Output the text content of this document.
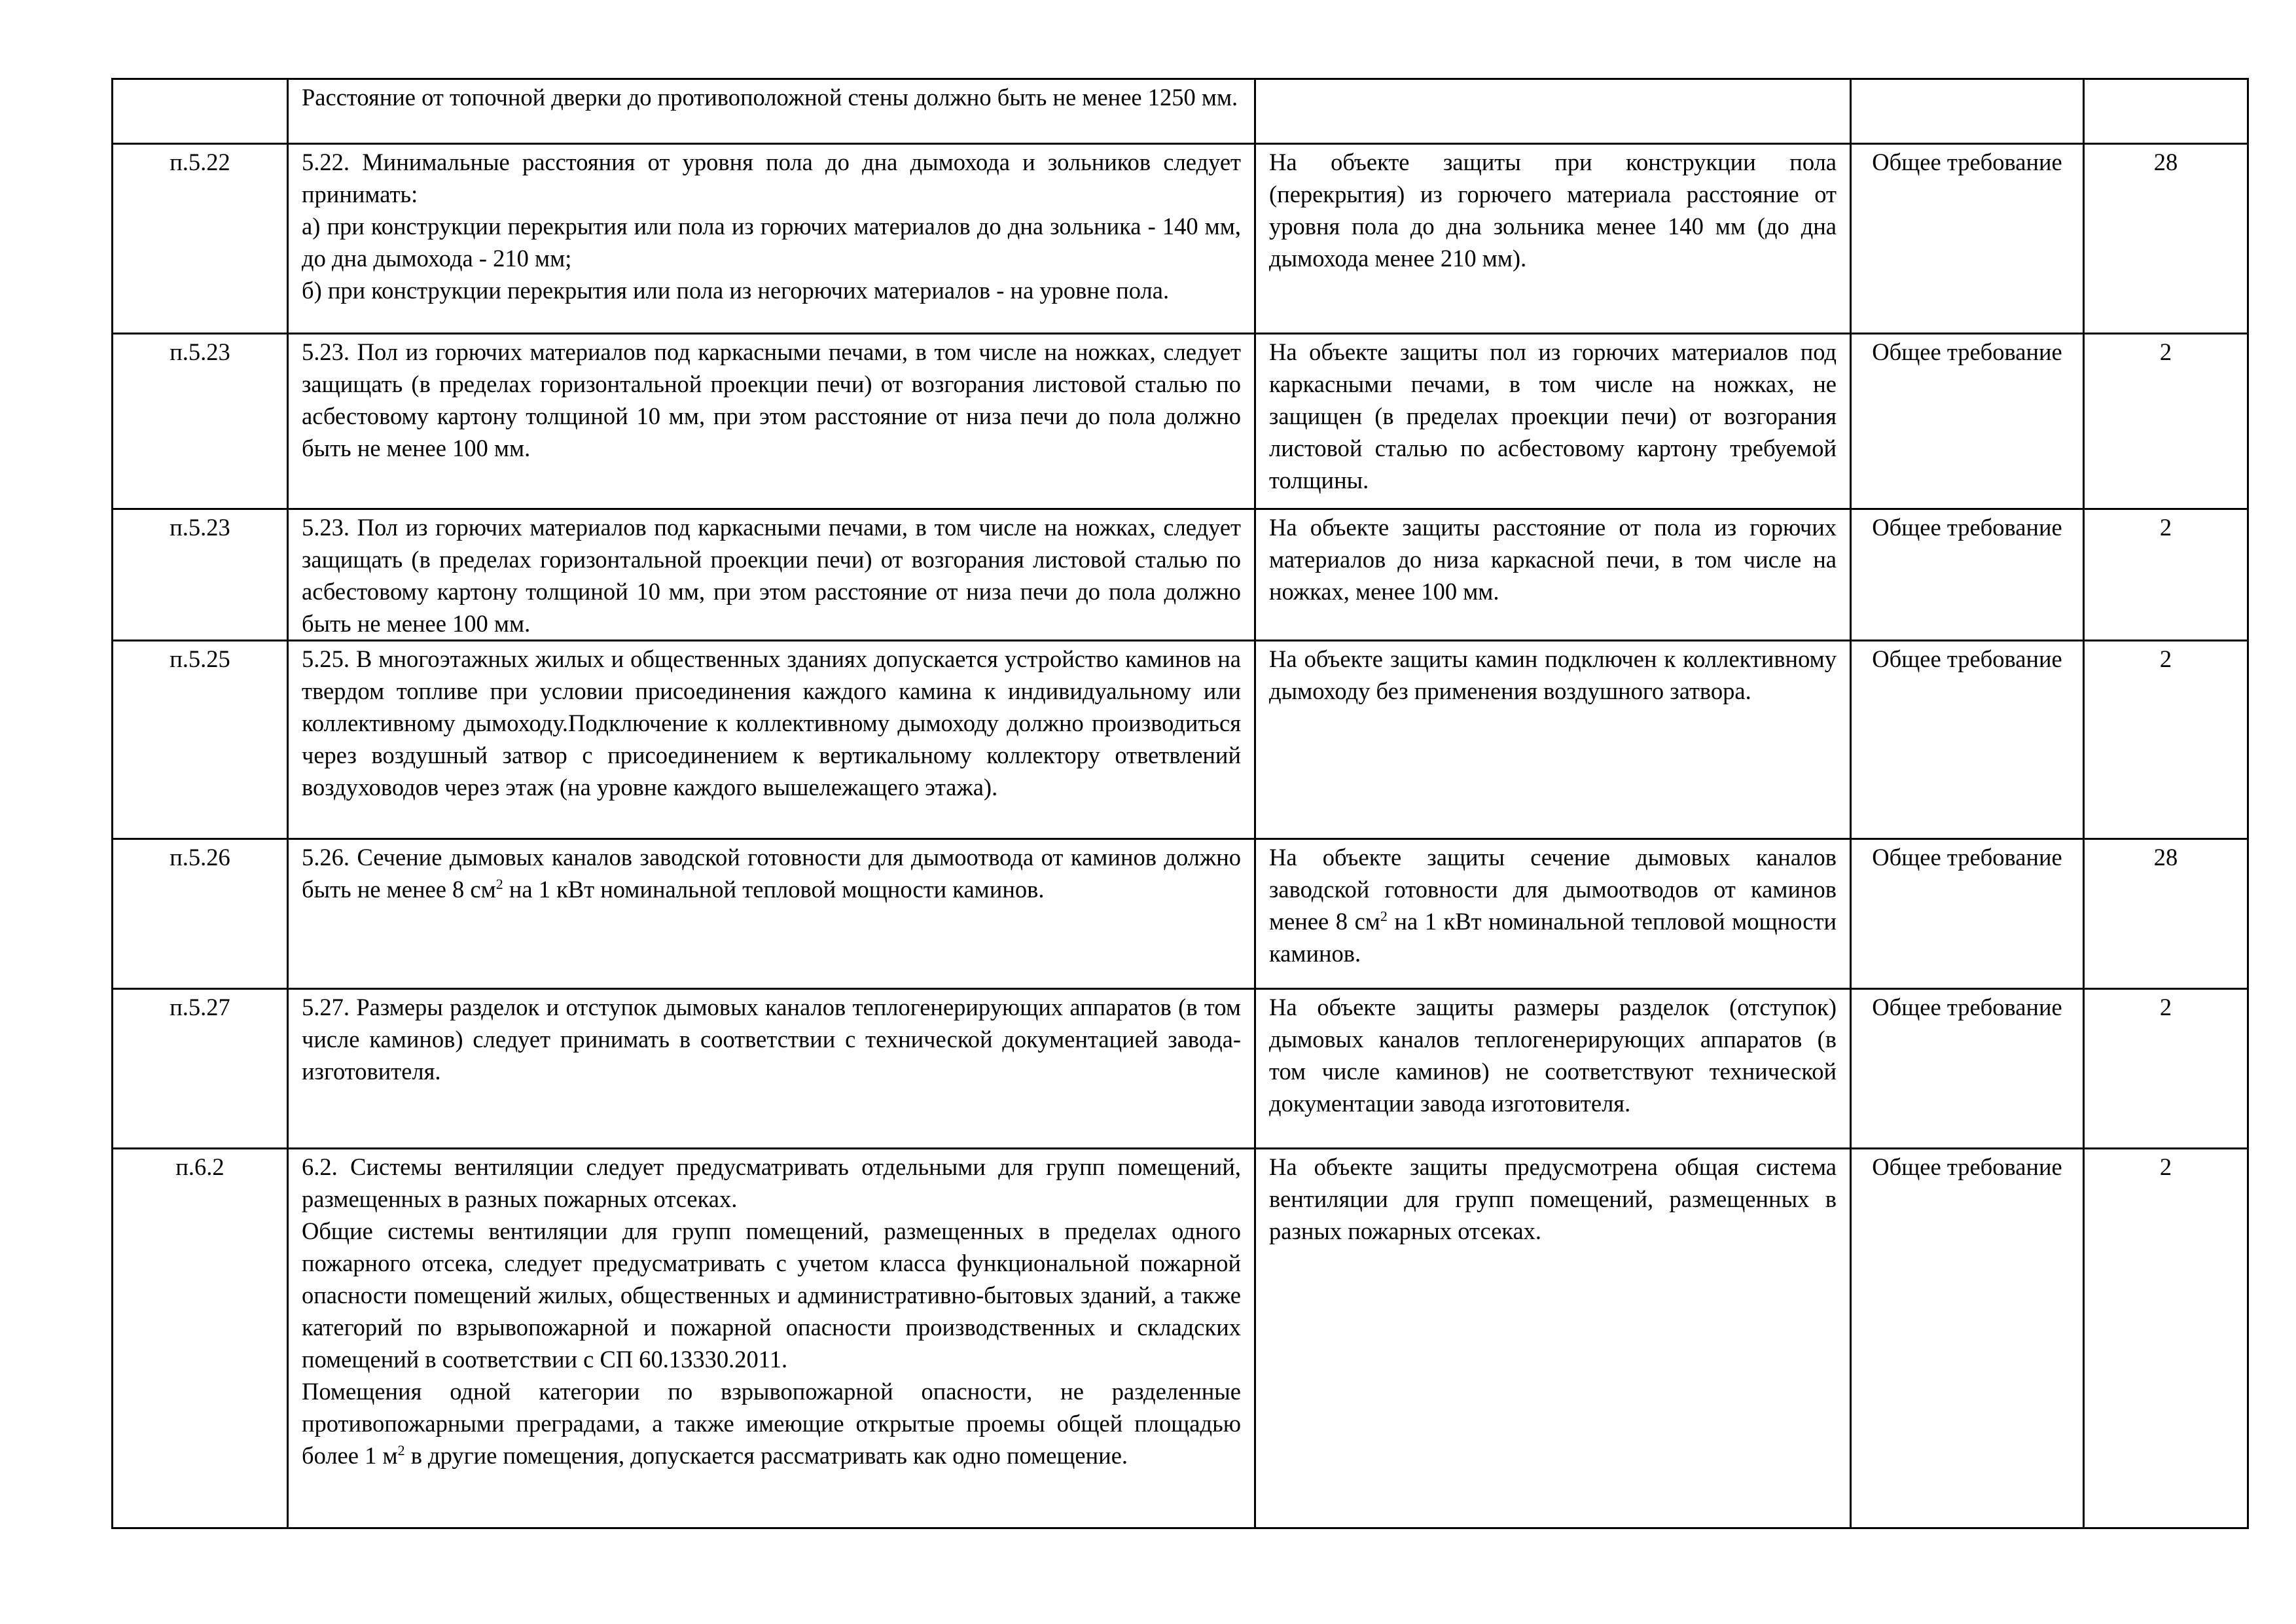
	Расстояние от топочной дверки до противоположной стены должно быть не менее 1250 мм.			

п.5.22	5.22. Минимальные расстояния от уровня пола до дна дымохода и зольников следует принимать:
а) при конструкции перекрытия или пола из горючих материалов до дна зольника - 140 мм, до дна дымохода - 210 мм;
б) при конструкции перекрытия или пола из негорючих материалов - на уровне пола.	На объекте защиты при конструкции пола (перекрытия) из горючего материала расстояние от уровня пола до дна зольника менее 140 мм (до дна дымохода менее 210 мм).	Общее требование	28
п.5.23	5.23. Пол из горючих материалов под каркасными печами, в том числе на ножках, следует защищать (в пределах горизонтальной проекции печи) от возгорания листовой сталью по асбестовому картону толщиной 10 мм, при этом расстояние от низа печи до пола должно быть не менее 100 мм.	На объекте защиты пол из горючих материалов под каркасными печами, в том числе на ножках, не защищен (в пределах проекции печи) от возгорания листовой сталью по асбестовому картону требуемой толщины.	Общее требование	2
п.5.23	5.23. Пол из горючих материалов под каркасными печами, в том числе на ножках, следует защищать (в пределах горизонтальной проекции печи) от возгорания листовой сталью по асбестовому картону толщиной 10 мм, при этом расстояние от низа печи до пола должно быть не менее 100 мм.	На объекте защиты расстояние от пола из горючих материалов до низа каркасной печи, в том числе на ножках, менее 100 мм.	Общее требование	2
п.5.25	5.25. В многоэтажных жилых и общественных зданиях допускается устройство каминов на твердом топливе при условии присоединения каждого камина к индивидуальному или коллективному дымоходу.Подключение к коллективному дымоходу должно производиться через воздушный затвор с присоединением к вертикальному коллектору ответвлений воздуховодов через этаж (на уровне каждого вышележащего этажа).	На объекте защиты камин подключен к коллективному дымоходу без применения воздушного затвора.	Общее требование	2
п.5.26	5.26. Сечение дымовых каналов заводской готовности для дымоотвода от каминов должно быть не менее 8 $см^2$ на 1 кВт номинальной тепловой мощности каминов.	На объекте защиты сечение дымовых каналов заводской готовности для дымоотводов от каминов менее 8 $см^2$ на 1 кВт номинальной тепловой мощности каминов.	Общее требование	28
п.5.27	5.27. Размеры разделок и отступок дымовых каналов теплогенерирующих аппаратов (в том числе каминов) следует принимать в соответствии с технической документацией завода-изготовителя.	На объекте защиты размеры разделок (отступок) дымовых каналов теплогенерирующих аппаратов (в том числе каминов) не соответствуют технической документации завода изготовителя.	Общее требование	2
п.6.2	6.2. Системы вентиляции следует предусматривать отдельными для групп помещений, размещенных в разных пожарных отсеках.
Общие системы вентиляции для групп помещений, размещенных в пределах одного пожарного отсека, следует предусматривать с учетом класса функциональной пожарной опасности помещений жилых, общественных и административно-бытовых зданий, а также категорий по взрывопожарной и пожарной опасности производственных и складских помещений в соответствии с СП 60.13330.2011.
Помещения одной категории по взрывопожарной опасности, не разделенные противопожарными преградами, а также имеющие открытые проемы общей площадью более 1 $м^2$ в другие помещения, допускается рассматривать как одно помещение.	На объекте защиты предусмотрена общая система вентиляции для групп помещений, размещенных в разных пожарных отсеках.	Общее требование	2
